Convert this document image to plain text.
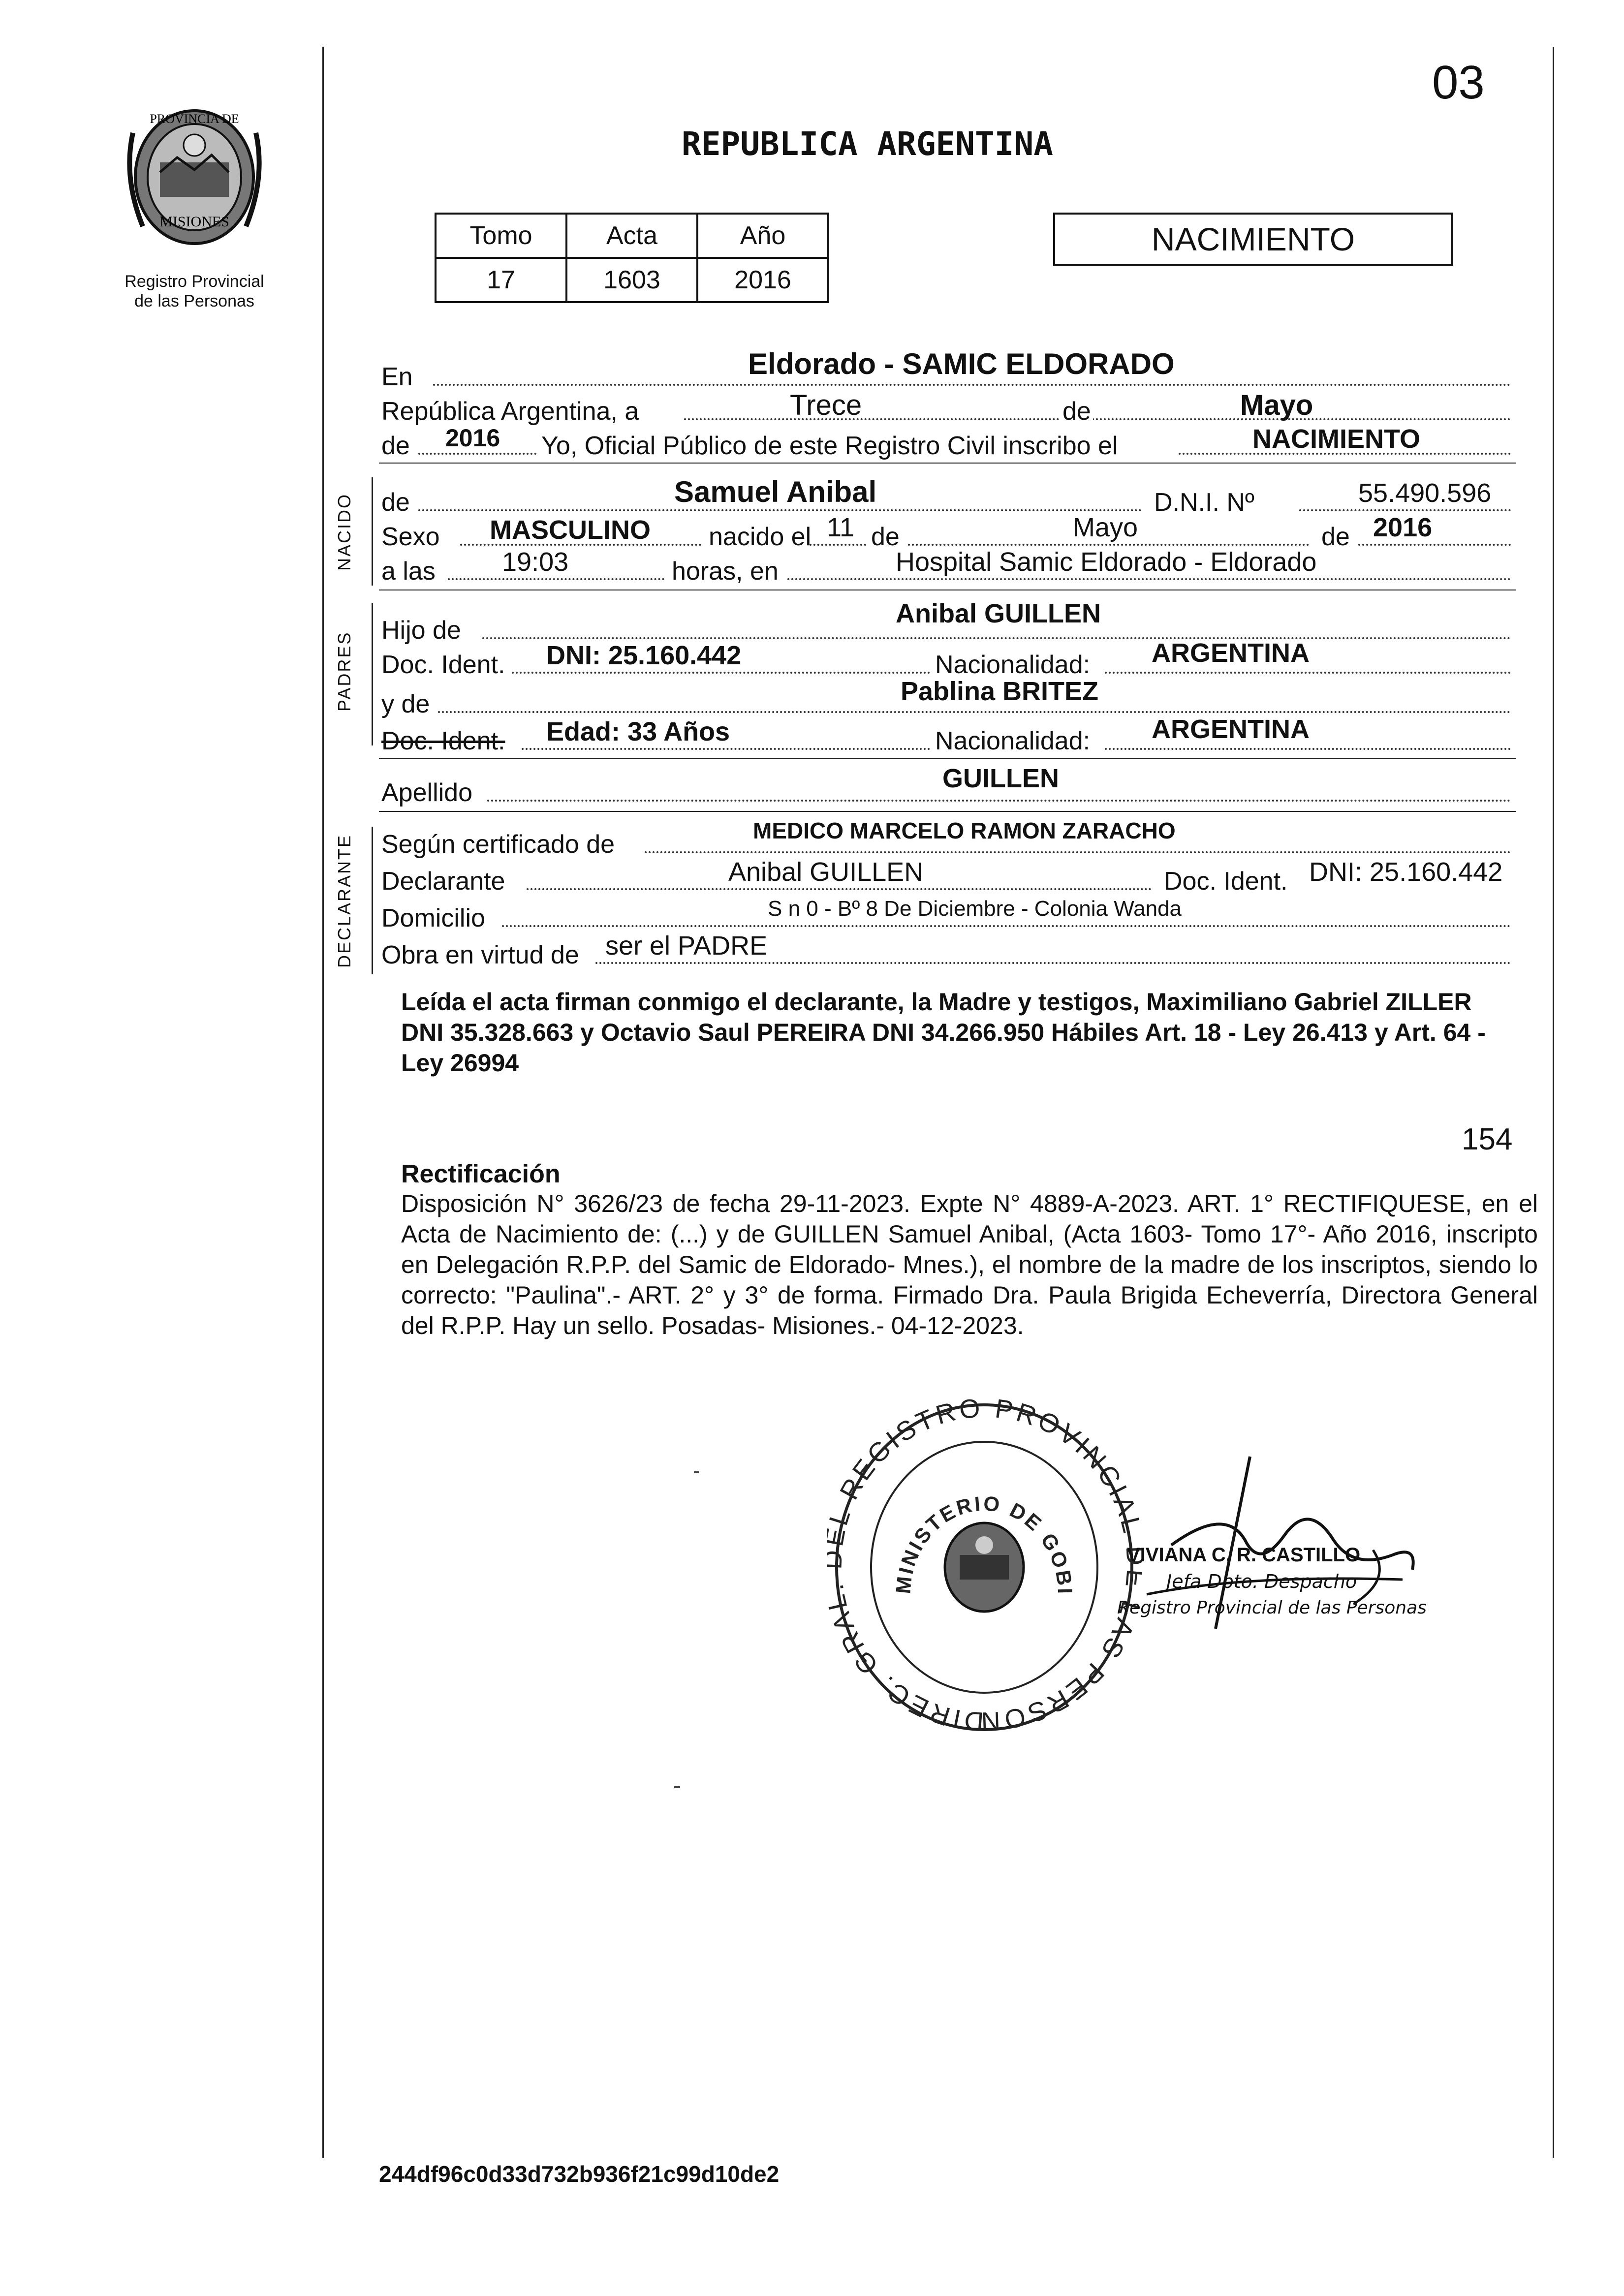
PROVINCIA DE
MISIONES
Registro Provincial
de las Personas
03
REPUBLICA ARGENTINA
Tomo	Acta	Año
17	1603	2016
NACIMIENTO
En	Eldorado - SAMIC ELDORADO
República Argentina, a	Trece	de	Mayo
de 2016 Yo, Oficial Público de este Registro Civil inscribo el	NACIMIENTO
NACIDO de	Samuel Anibal	D.N.I. Nº	55.490.596
Sexo MASCULINO nacido el 11 de	Mayo	de 2016
a las	19:03	horas, en	Hospital Samic Eldorado - Eldorado
PADRES
Hijo de
Anibal GUILLEN
Doc. Ident. DNI: 25.160.442	Nacionalidad: ARGENTINA
y de	Pablina BRITEZ
Doc. Ident. Edad: 33 Años	Nacionalidad: ARGENTINA
Apellido	GUILLEN
DECLARANTE Según certificado de	MEDICO MARCELO RAMON ZARACHO
Declarante	Anibal GUILLEN	Doc. Ident. DNI: 25.160.442
Domicilio	S n 0 - Bº 8 De Diciembre - Colonia Wanda
Obra en virtud de ser el PADRE
Leída el acta firman conmigo el declarante, la Madre y testigos, Maximiliano Gabriel ZILLER DNI 35.328.663 y Octavio Saul PEREIRA DNI 34.266.950 Hábiles Art. 18 - Ley 26.413 y Art. 64 - Ley 26994
154
Rectificación
Disposición N° 3626/23 de fecha 29-11-2023. Expte N° 4889-A-2023. ART. 1° RECTIFIQUESE, en el Acta de Nacimiento de: (...) y de GUILLEN Samuel Anibal, (Acta 1603- Tomo 17°- Año 2016, inscripto en Delegación R.P.P. del Samic de Eldorado- Mnes.), el nombre de la madre de los inscriptos, siendo lo correcto: "Paulina".- ART. 2° y 3° de forma. Firmado Dra. Paula Brigida Echeverría, Directora General del R.P.P. Hay un sello. Posadas- Misiones.- 04-12-2023.
DIREC. GRA L REGISTRO PROVINCIA AS PERSON
MINISTERIO DE GOBI
VIVIANA C. R. CASTILLO
Jefa Dpto. Despacho
Registro Provincial de las Personas
244df96c0d33d732b936f21c99d10de2
